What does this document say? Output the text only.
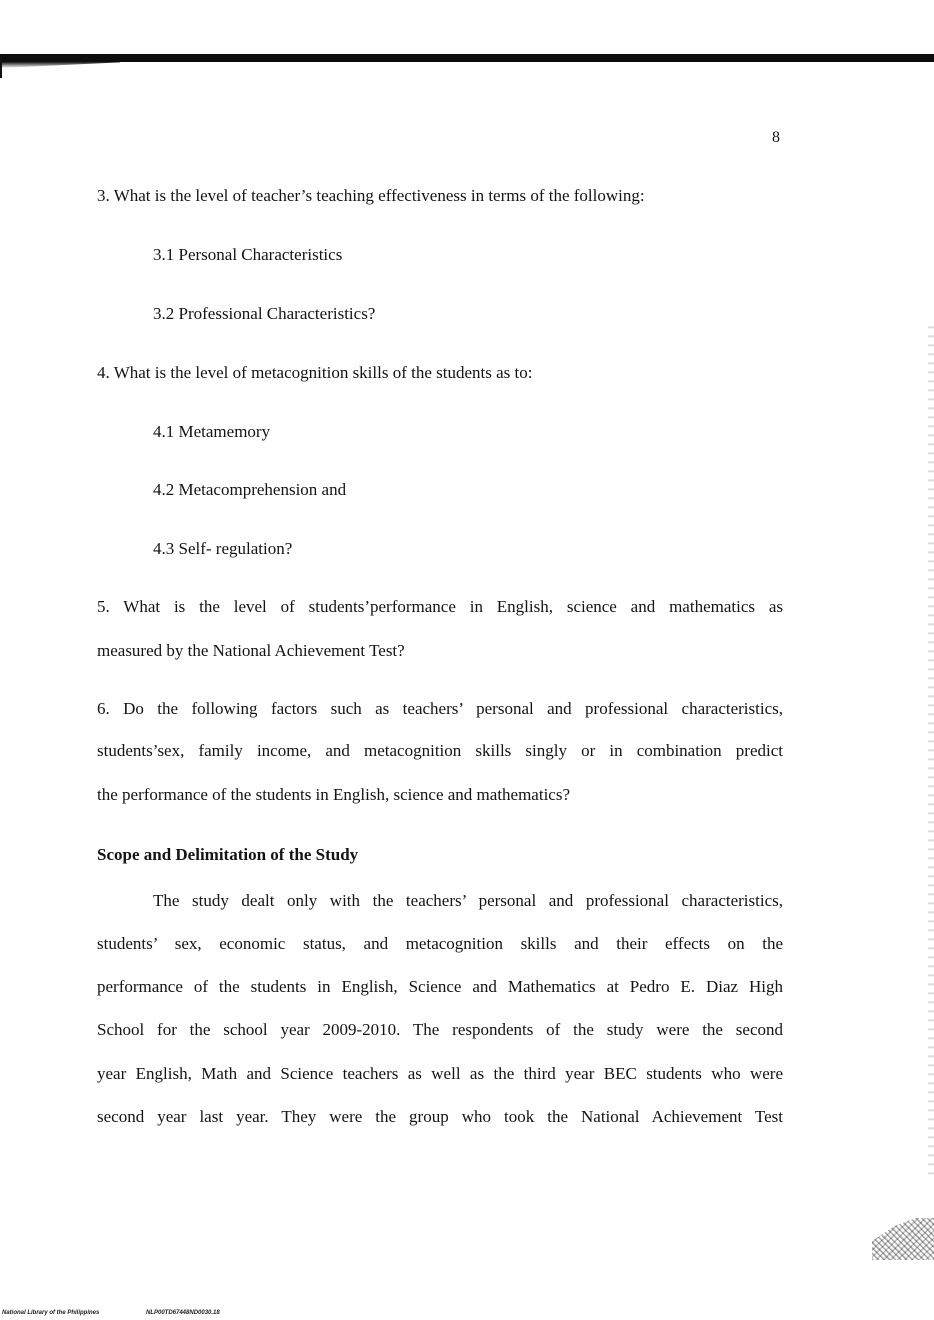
8
3. What is the level of teacher’s teaching effectiveness in terms of the following:
3.1 Personal Characteristics
3.2 Professional Characteristics?
4. What is the level of metacognition skills of the students as to:
4.1 Metamemory
4.2 Metacomprehension and
4.3 Self- regulation?
5. What is the level of students’performance in English, science and mathematics as
measured by the National Achievement Test?
6. Do the following factors such as teachers’ personal and professional characteristics,
students’sex, family income, and metacognition skills singly or in combination predict
the performance of the students in English, science and mathematics?
Scope and Delimitation of the Study
The study dealt only with the teachers’ personal and professional characteristics,
students’ sex, economic status, and metacognition skills and their effects on the
performance of the students in English, Science and Mathematics at Pedro E. Diaz High
School for the school year 2009-2010. The respondents of the study were the second
year English, Math and Science teachers as well as the third year BEC students who were
second year last year. They were the group who took the National Achievement Test
National Library of the Philippines	NLP00TD67448ND0030.18
